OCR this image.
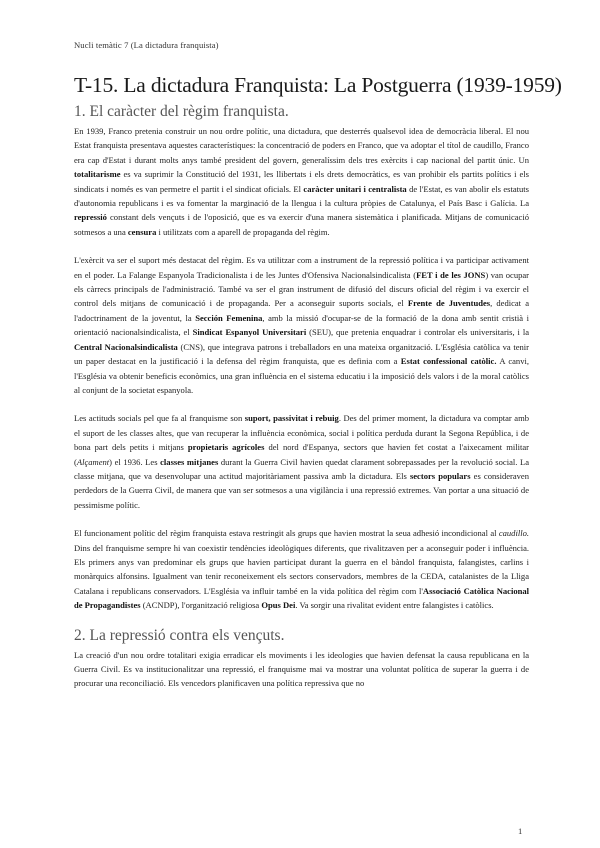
Nucli temàtic 7 (La dictadura franquista)
T-15. La dictadura Franquista: La Postguerra (1939-1959)
1. El caràcter del règim franquista.

En 1939, Franco pretenia construir un nou ordre polític, una dictadura, que desterrés qualsevol idea de democràcia liberal. El nou Estat franquista presentava aquestes característiques: la concentració de poders en Franco, que va adoptar el títol de caudillo, Franco era cap d'Estat i durant molts anys també president del govern, generalíssim dels tres exèrcits i cap nacional del partit únic. Un totalitarisme es va suprimir la Constitució del 1931, les llibertats i els drets democràtics, es van prohibir els partits polítics i els sindicats i només es van permetre el partit i el sindicat oficials. El caràcter unitari i centralista de l'Estat, es van abolir els estatuts d'autonomia republicans i es va fomentar la marginació de la llengua i la cultura pròpies de Catalunya, el País Basc i Galícia. La repressió constant dels vençuts i de l'oposició, que es va exercir d'una manera sistemàtica i planificada. Mitjans de comunicació sotmesos a una censura i utilitzats com a aparell de propaganda del règim.

L'exèrcit va ser el suport més destacat del règim. Es va utilitzar com a instrument de la repressió política i va participar activament en el poder. La Falange Espanyola Tradicionalista i de les Juntes d'Ofensiva Nacionalsindicalista (FET i de les JONS) van ocupar els càrrecs principals de l'administració. També va ser el gran instrument de difusió del discurs oficial del règim i va exercir el control dels mitjans de comunicació i de propaganda. Per a aconseguir suports socials, el Frente de Juventudes, dedicat a l'adoctrinament de la joventut, la Sección Femenina, amb la missió d'ocupar-se de la formació de la dona amb sentit cristià i orientació nacionalsindicalista, el Sindicat Espanyol Universitari (SEU), que pretenia enquadrar i controlar els universitaris, i la Central Nacionalsindicalista (CNS), que integrava patrons i treballadors en una mateixa organització. L'Església catòlica va tenir un paper destacat en la justificació i la defensa del règim franquista, que es definia com a Estat confessional catòlic. A canvi, l'Església va obtenir beneficis econòmics, una gran influència en el sistema educatiu i la imposició dels valors i de la moral catòlics al conjunt de la societat espanyola.

Les actituds socials pel que fa al franquisme son suport, passivitat i rebuig. Des del primer moment, la dictadura va comptar amb el suport de les classes altes, que van recuperar la influència econòmica, social i política perduda durant la Segona República, i de bona part dels petits i mitjans propietaris agrícoles del nord d'Espanya, sectors que havien fet costat a l'aixecament militar (Alçament) el 1936. Les classes mitjanes durant la Guerra Civil havien quedat clarament sobrepassades per la revolució social. La classe mitjana, que va desenvolupar una actitud majoritàriament passiva amb la dictadura. Els sectors populars es consideraven perdedors de la Guerra Civil, de manera que van ser sotmesos a una vigilància i una repressió extremes. Van portar a una situació de pessimisme polític.

El funcionament polític del règim franquista estava restringit als grups que havien mostrat la seua adhesió incondicional al caudillo. Dins del franquisme sempre hi van coexistir tendències ideològiques diferents, que rivalitzaven per a aconseguir poder i influència. Els primers anys van predominar els grups que havien participat durant la guerra en el bàndol franquista, falangistes, carlins i monàrquics alfonsins. Igualment van tenir reconeixement els sectors conservadors, membres de la CEDA, catalanistes de la Lliga Catalana i republicans conservadors. L'Església va influir també en la vida política del règim com l'Associació Catòlica Nacional de Propagandistes (ACNDP), l'organització religiosa Opus Dei. Va sorgir una rivalitat evident entre falangistes i catòlics.

2. La repressió contra els vençuts.

La creació d'un nou ordre totalitari exigia erradicar els moviments i les ideologies que havien defensat la causa republicana en la Guerra Civil. Es va institucionalitzar una repressió, el franquisme mai va mostrar una voluntat política de superar la guerra i de procurar una reconciliació. Els vencedors planificaven una política repressiva que no

1
